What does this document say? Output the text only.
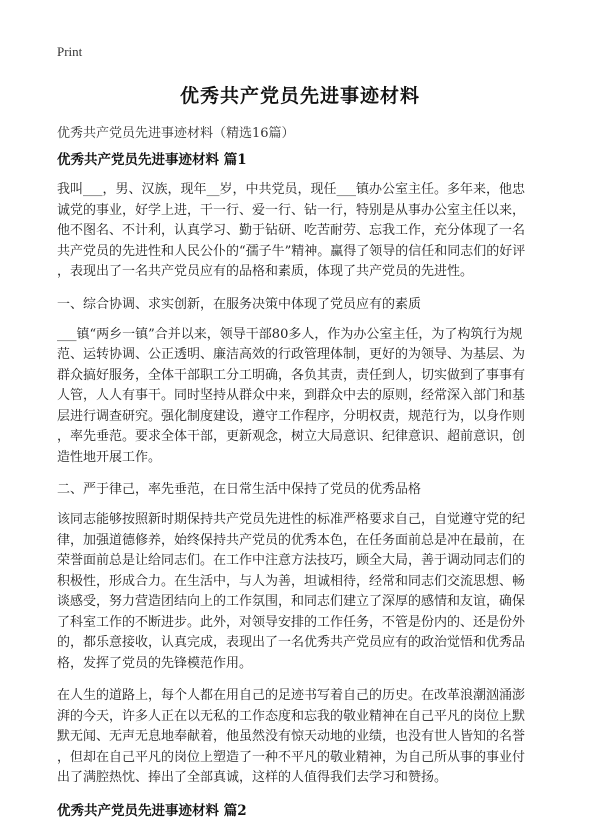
Print
优秀共产党员先进事迹材料
优秀共产党员先进事迹材料（精选16篇）
优秀共产党员先进事迹材料 篇1
我叫___，男、汉族，现年__岁，中共党员，现任___镇办公室主任。多年来，他忠
诚党的事业，好学上进，干一行、爱一行、钻一行，特别是从事办公室主任以来，
他不图名、不计利，认真学习、勤于钻研、吃苦耐劳、忘我工作，充分体现了一名
共产党员的先进性和人民公仆的“孺子牛”精神。赢得了领导的信任和同志们的好评
，表现出了一名共产党员应有的品格和素质，体现了共产党员的先进性。
一、综合协调、求实创新，在服务决策中体现了党员应有的素质
___镇“两乡一镇”合并以来，领导干部80多人，作为办公室主任，为了构筑行为规
范、运转协调、公正透明、廉洁高效的行政管理体制，更好的为领导、为基层、为
群众搞好服务，全体干部职工分工明确，各负其责，责任到人，切实做到了事事有
人管，人人有事干。同时坚持从群众中来，到群众中去的原则，经常深入部门和基
层进行调查研究。强化制度建设，遵守工作程序，分明权责，规范行为，以身作则
，率先垂范。要求全体干部，更新观念，树立大局意识、纪律意识、超前意识，创
造性地开展工作。
二、严于律己，率先垂范，在日常生活中保持了党员的优秀品格
该同志能够按照新时期保持共产党员先进性的标准严格要求自己，自觉遵守党的纪
律，加强道德修养，始终保持共产党员的优秀本色，在任务面前总是冲在最前，在
荣誉面前总是让给同志们。在工作中注意方法技巧，顾全大局，善于调动同志们的
积极性，形成合力。在生活中，与人为善，坦诚相待，经常和同志们交流思想、畅
谈感受，努力营造团结向上的工作氛围，和同志们建立了深厚的感情和友谊，确保
了科室工作的不断进步。此外，对领导安排的工作任务，不管是份内的、还是份外
的，都乐意接收，认真完成，表现出了一名优秀共产党员应有的政治觉悟和优秀品
格，发挥了党员的先锋模范作用。
在人生的道路上，每个人都在用自己的足迹书写着自己的历史。在改革浪潮汹涌澎
湃的今天，许多人正在以无私的工作态度和忘我的敬业精神在自己平凡的岗位上默
默无闻、无声无息地奉献着，他虽然没有惊天动地的业绩，也没有世人皆知的名誉
，但却在自己平凡的岗位上塑造了一种不平凡的敬业精神，为自己所从事的事业付
出了满腔热忱、捧出了全部真诚，这样的人值得我们去学习和赞扬。
优秀共产党员先进事迹材料 篇2
